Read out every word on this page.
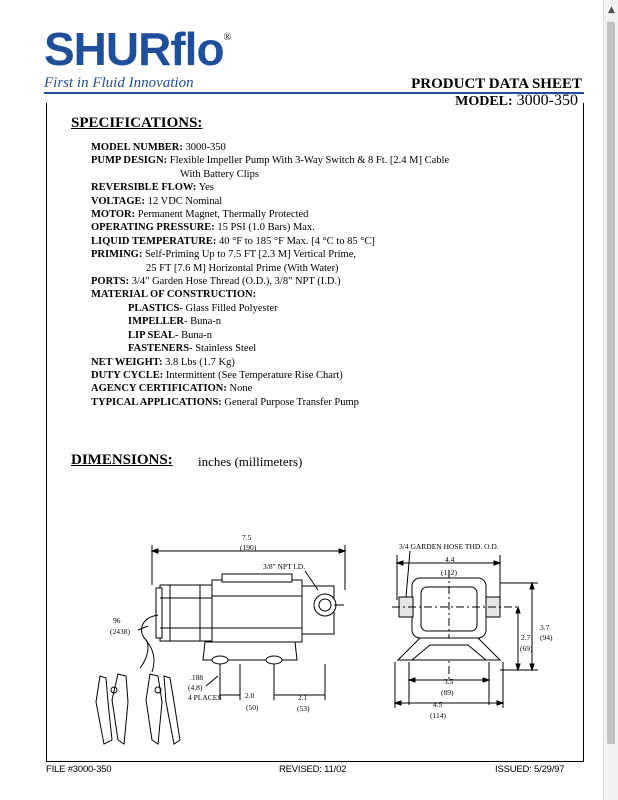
SHURflo®
First in Fluid Innovation	PRODUCT DATA SHEET
MODEL: 3000-350
SPECIFICATIONS:
MODEL NUMBER: 3000-350
PUMP DESIGN: Flexible Impeller Pump With 3-Way Switch & 8 Ft. [2.4 M] Cable
With Battery Clips
REVERSIBLE FLOW: Yes
VOLTAGE: 12 VDC Nominal
MOTOR: Permanent Magnet, Thermally Protected
OPERATING PRESSURE: 15 PSI (1.0 Bars) Max.
LIQUID TEMPERATURE: 40 °F to 185 °F Max. [4 °C to 85 °C]
PRIMING: Self-Priming Up to 7.5 FT [2.3 M] Vertical Prime,
25 FT [7.6 M] Horizontal Prime (With Water)
PORTS: 3/4" Garden Hose Thread (O.D.), 3/8" NPT (I.D.)
MATERIAL OF CONSTRUCTION:
PLASTICS- Glass Filled Polyester
IMPELLER- Buna-n
LIP SEAL- Buna-n
FASTENERS- Stainless Steel
NET WEIGHT: 3.8 Lbs (1.7 Kg)
DUTY CYCLE: Intermittent (See Temperature Rise Chart)
AGENCY CERTIFICATION: None
TYPICAL APPLICATIONS: General Purpose Transfer Pump
DIMENSIONS: inches (millimeters)
7.5
(190)
3/8" NPT I.D.
96
(2438)
.188
(4.8)
4 PLACES	2.0
(50)
2.1
(53)
3/4 GARDEN HOSE THD. O.D.
4.4
(112)
3.7
(94)
2.7
(69)
3.5
(89)
4.5
(114)
FILE #3000-350	REVISED: 11/02	ISSUED: 5/29/97
▲
